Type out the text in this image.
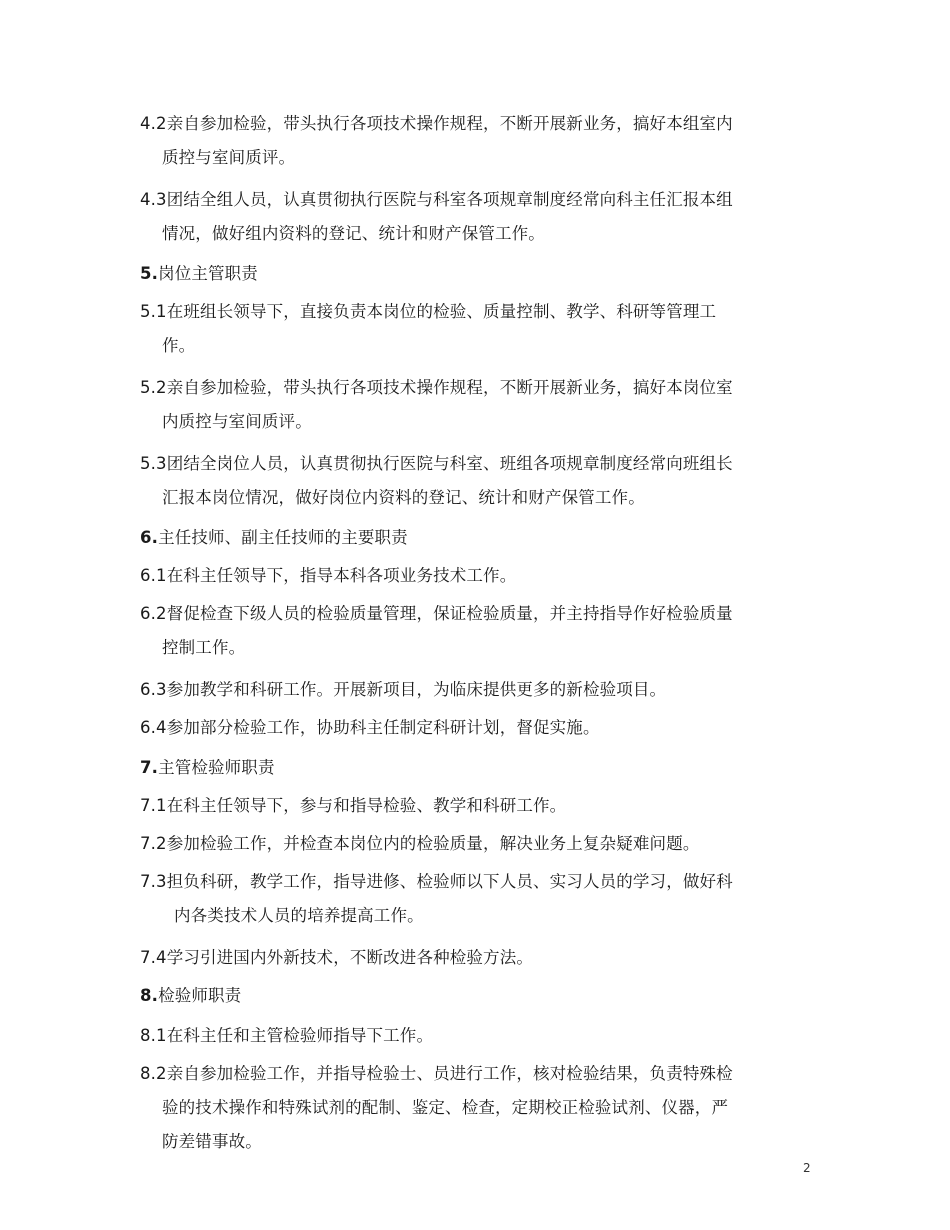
4.2亲自参加检验，带头执行各项技术操作规程，不断开展新业务，搞好本组室内
质控与室间质评。
4.3团结全组人员，认真贯彻执行医院与科室各项规章制度经常向科主任汇报本组
情况，做好组内资料的登记、统计和财产保管工作。
5.岗位主管职责
5.1在班组长领导下，直接负责本岗位的检验、质量控制、教学、科研等管理工
作。
5.2亲自参加检验，带头执行各项技术操作规程，不断开展新业务，搞好本岗位室
内质控与室间质评。
5.3团结全岗位人员，认真贯彻执行医院与科室、班组各项规章制度经常向班组长
汇报本岗位情况，做好岗位内资料的登记、统计和财产保管工作。
6.主任技师、副主任技师的主要职责
6.1在科主任领导下，指导本科各项业务技术工作。
6.2督促检查下级人员的检验质量管理，保证检验质量，并主持指导作好检验质量
控制工作。
6.3参加教学和科研工作。开展新项目，为临床提供更多的新检验项目。
6.4参加部分检验工作，协助科主任制定科研计划，督促实施。
7.主管检验师职责
7.1在科主任领导下，参与和指导检验、教学和科研工作。
7.2参加检验工作，并检查本岗位内的检验质量，解决业务上复杂疑难问题。
7.3担负科研，教学工作，指导进修、检验师以下人员、实习人员的学习，做好科
内各类技术人员的培养提高工作。
7.4学习引进国内外新技术，不断改进各种检验方法。
8.检验师职责
8.1在科主任和主管检验师指导下工作。
8.2亲自参加检验工作，并指导检验士、员进行工作，核对检验结果，负责特殊检
验的技术操作和特殊试剂的配制、鉴定、检查，定期校正检验试剂、仪器，严
防差错事故。
2
